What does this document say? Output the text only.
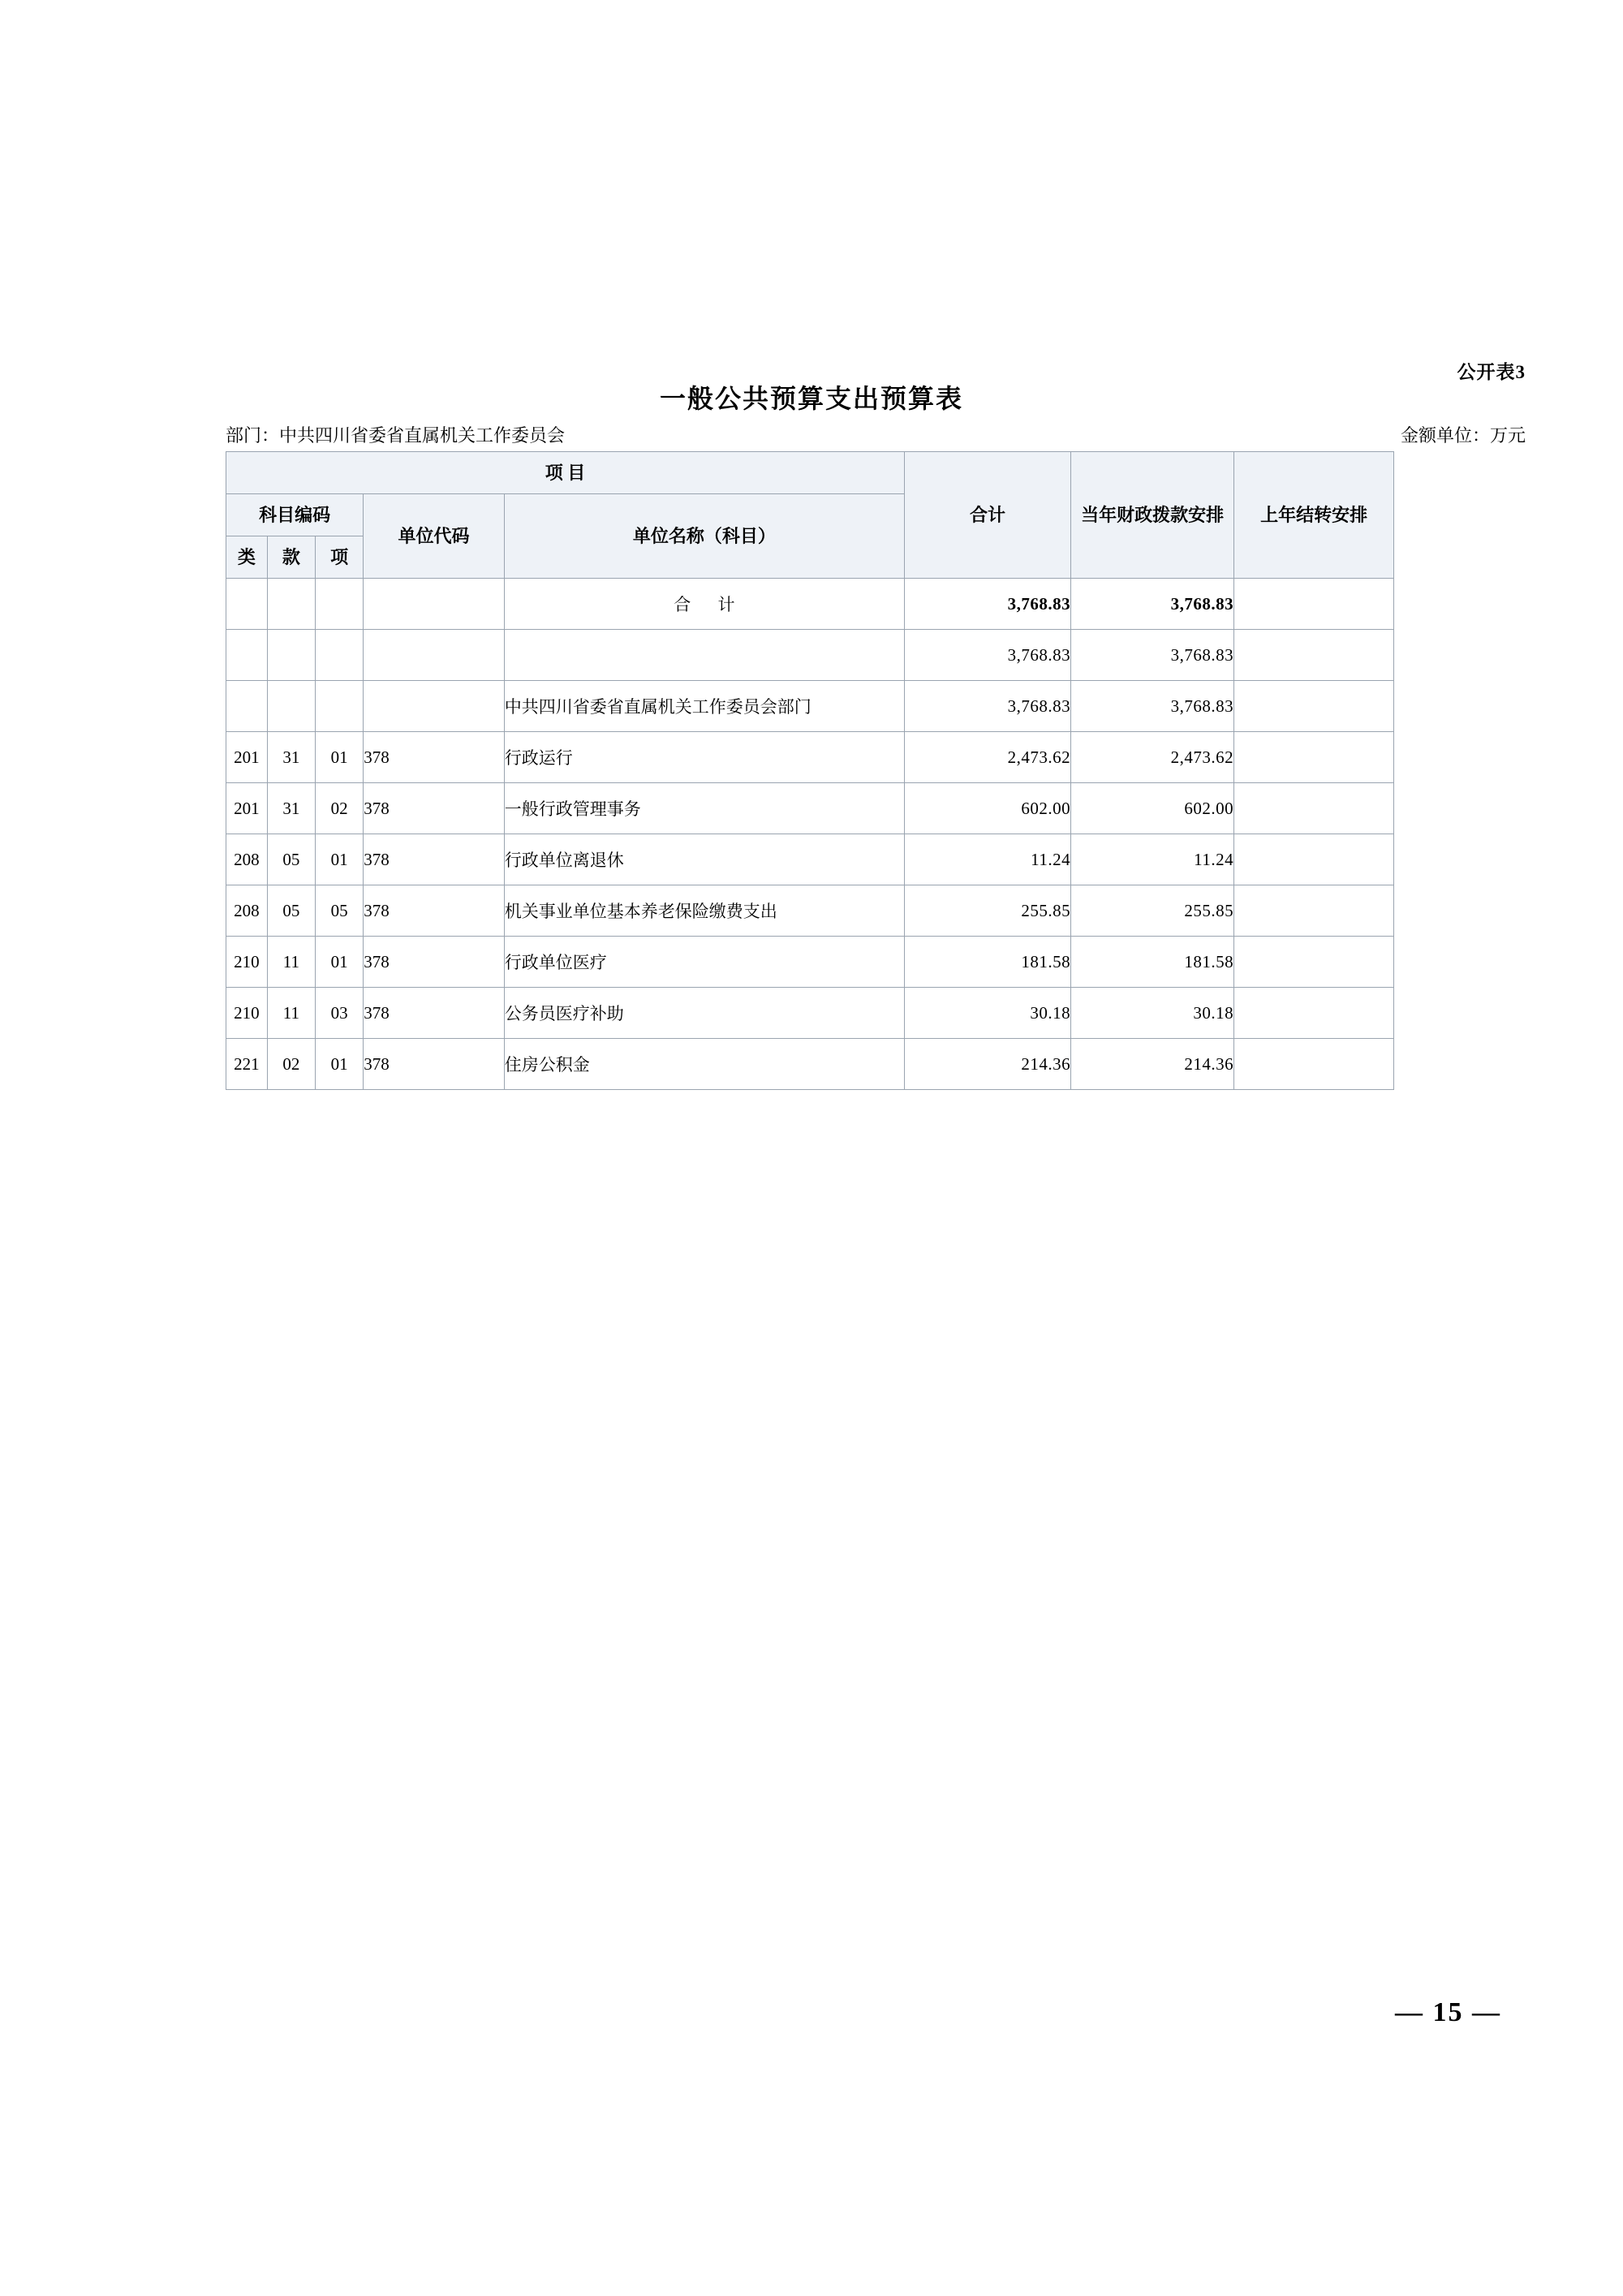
公开表3
一般公共预算支出预算表
部门：中共四川省委省直属机关工作委员会	金额单位：万元
项 目					合计	当年财政拨款安排	上年结转安排
科目编码			单位代码	单位名称（科目）			
类	款	项					
				合 计	3,768.83	3,768.83	
					3,768.83	3,768.83	
				中共四川省委省直属机关工作委员会部门	3,768.83	3,768.83	
201	31	01	378	行政运行	2,473.62	2,473.62	
201	31	02	378	一般行政管理事务	602.00	602.00	
208	05	01	378	行政单位离退休	11.24	11.24	
208	05	05	378	机关事业单位基本养老保险缴费支出	255.85	255.85	
210	11	01	378	行政单位医疗	181.58	181.58	
210	11	03	378	公务员医疗补助	30.18	30.18	
221	02	01	378	住房公积金	214.36	214.36	
— 15 —
